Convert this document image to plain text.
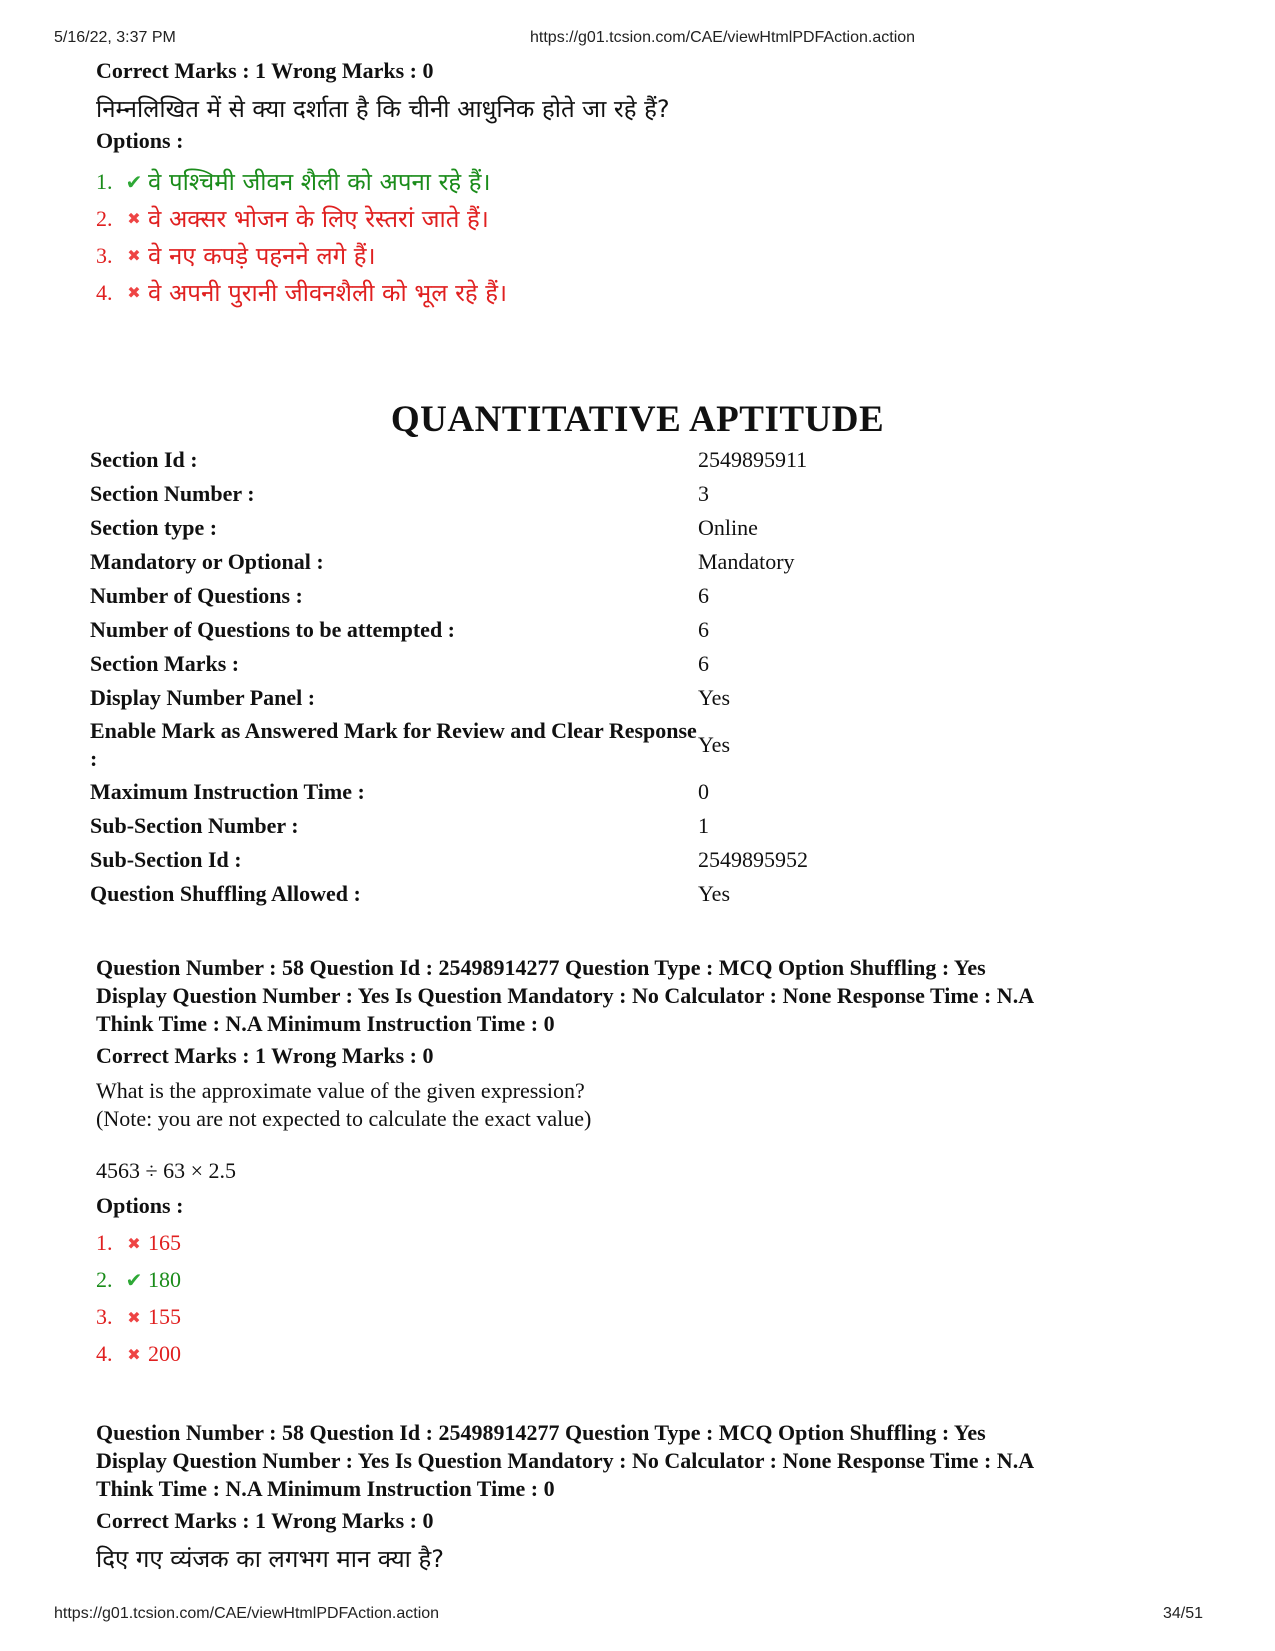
5/16/22, 3:37 PM	https://g01.tcsion.com/CAE/viewHtmlPDFAction.action
Correct Marks : 1 Wrong Marks : 0
निम्नलिखित में से क्या दर्शाता है कि चीनी आधुनिक होते जा रहे हैं?
Options :
1. ✔ वे पश्चिमी जीवन शैली को अपना रहे हैं।
2. ✖ वे अक्सर भोजन के लिए रेस्तरां जाते हैं।
3. ✖ वे नए कपड़े पहनने लगे हैं।
4. ✖ वे अपनी पुरानी जीवनशैली को भूल रहे हैं।
QUANTITATIVE APTITUDE
Section Id :	2549895911
Section Number :	3
Section type :	Online
Mandatory or Optional :	Mandatory
Number of Questions :	6
Number of Questions to be attempted :	6
Section Marks :	6
Display Number Panel :	Yes
Enable Mark as Answered Mark for Review and Clear Response :	Yes
Maximum Instruction Time :	0
Sub-Section Number :	1
Sub-Section Id :	2549895952
Question Shuffling Allowed :	Yes
Question Number : 58 Question Id : 25498914277 Question Type : MCQ Option Shuffling : Yes
Display Question Number : Yes Is Question Mandatory : No Calculator : None Response Time : N.A
Think Time : N.A Minimum Instruction Time : 0
Correct Marks : 1 Wrong Marks : 0
What is the approximate value of the given expression?
(Note: you are not expected to calculate the exact value)
4563 ÷ 63 × 2.5
Options :
1. ✖ 165
2. ✔ 180
3. ✖ 155
4. ✖ 200
Question Number : 58 Question Id : 25498914277 Question Type : MCQ Option Shuffling : Yes
Display Question Number : Yes Is Question Mandatory : No Calculator : None Response Time : N.A
Think Time : N.A Minimum Instruction Time : 0
Correct Marks : 1 Wrong Marks : 0
दिए गए व्यंजक का लगभग मान क्या है?
https://g01.tcsion.com/CAE/viewHtmlPDFAction.action	34/51
